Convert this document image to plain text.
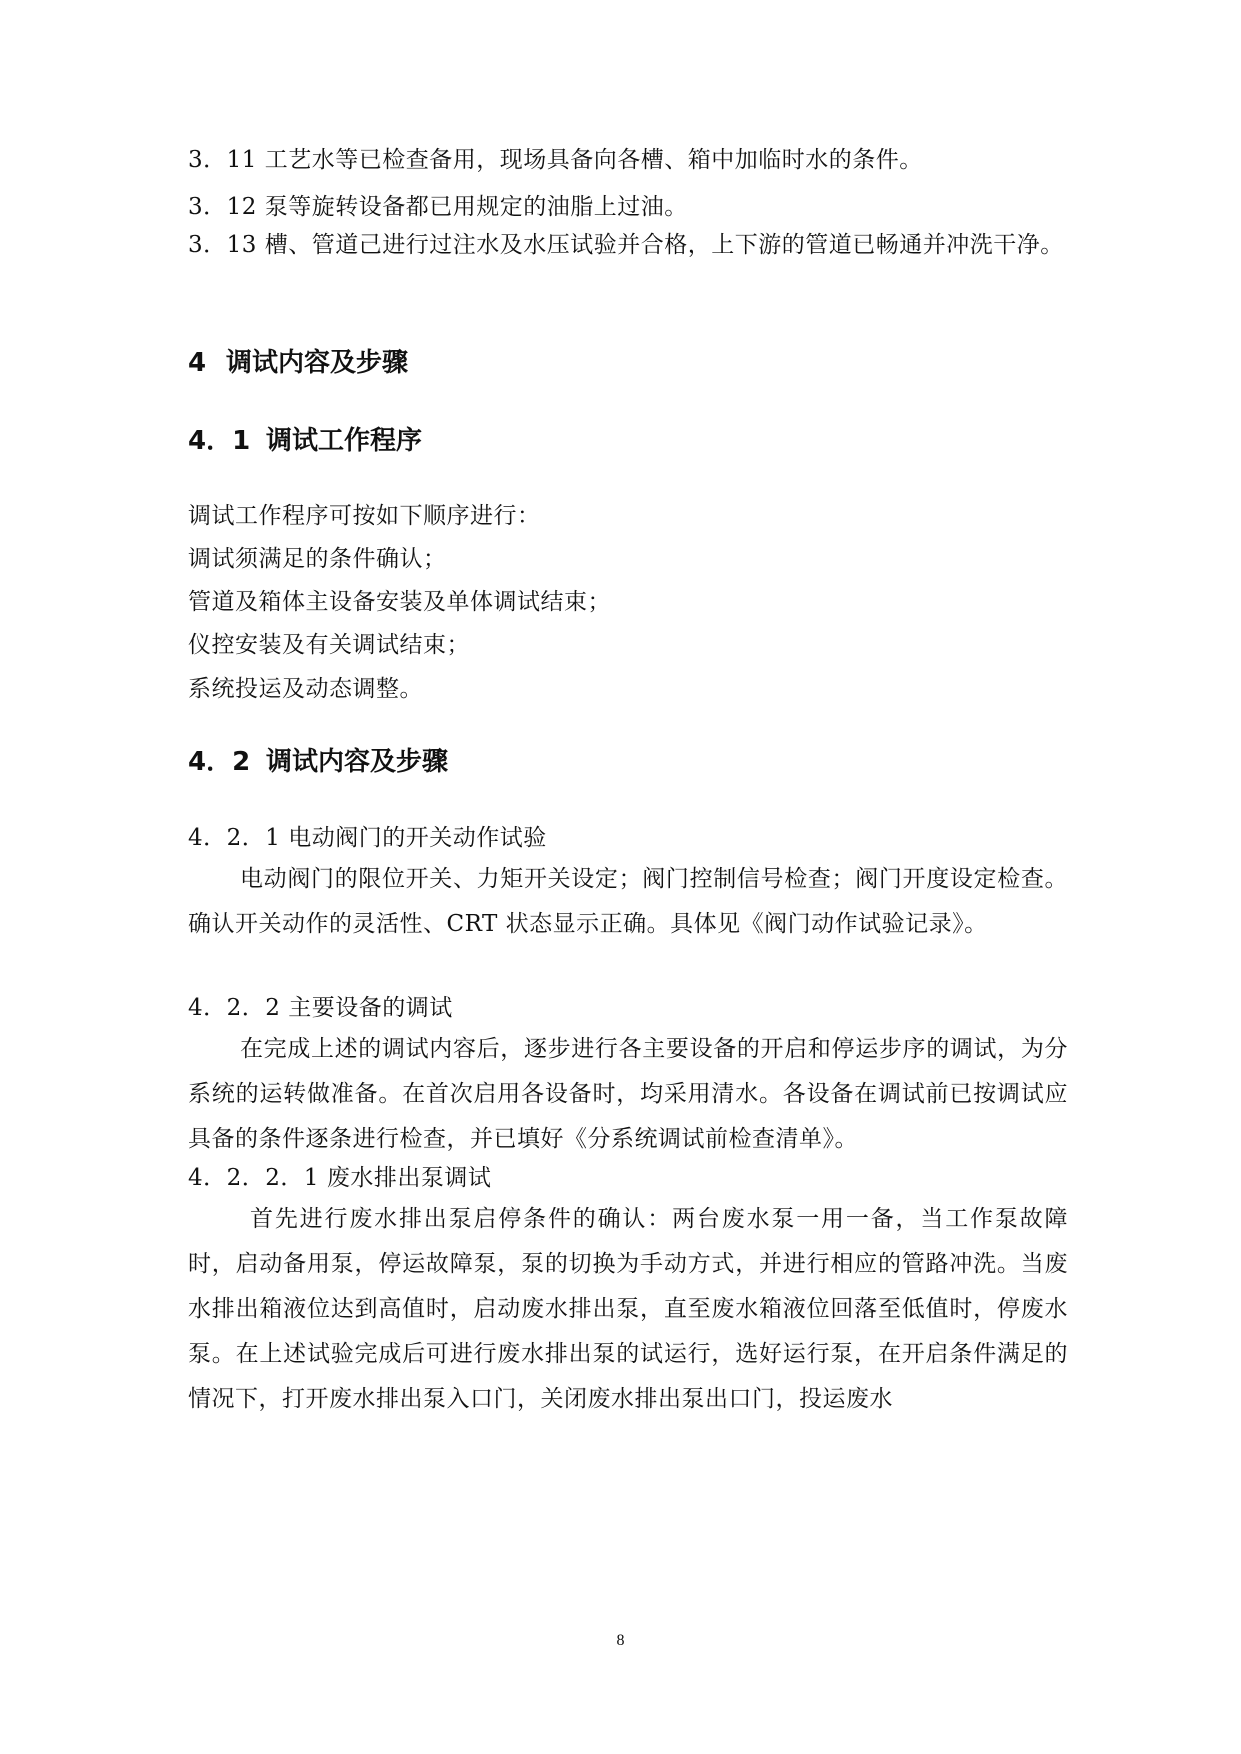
3．11 工艺水等已检查备用，现场具备向各槽、箱中加临时水的条件。
3．12 泵等旋转设备都已用规定的油脂上过油。
3．13 槽、管道己进行过注水及水压试验并合格，上下游的管道已畅通并冲洗干净。
4 调试内容及步骤
4．1 调试工作程序
调试工作程序可按如下顺序进行：
调试须满足的条件确认；
管道及箱体主设备安装及单体调试结束；
仪控安装及有关调试结束；
系统投运及动态调整。
4．2 调试内容及步骤
4．2．1 电动阀门的开关动作试验
电动阀门的限位开关、力矩开关设定；阀门控制信号检查；阀门开度设定检查。确认开关动作的灵活性、CRT 状态显示正确。具体见《阀门动作试验记录》。
4．2．2 主要设备的调试
在完成上述的调试内容后，逐步进行各主要设备的开启和停运步序的调试，为分系统的运转做准备。在首次启用各设备时，均采用清水。各设备在调试前已按调试应具备的条件逐条进行检查，并已填好《分系统调试前检查清单》。
4．2．2．1 废水排出泵调试
首先进行废水排出泵启停条件的确认：两台废水泵一用一备，当工作泵故障时，启动备用泵，停运故障泵，泵的切换为手动方式，并进行相应的管路冲洗。当废水排出箱液位达到高值时，启动废水排出泵，直至废水箱液位回落至低值时，停废水泵。在上述试验完成后可进行废水排出泵的试运行，选好运行泵，在开启条件满足的情况下，打开废水排出泵入口门，关闭废水排出泵出口门，投运废水
8
